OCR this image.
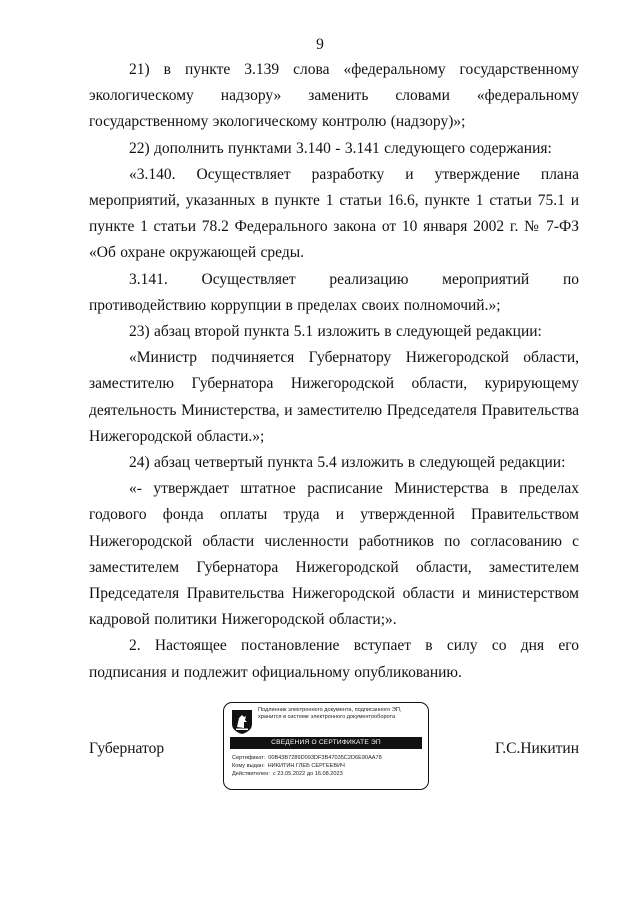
9

21) в пункте 3.139 слова «федеральному государственному экологическому надзору» заменить словами «федеральному государственному экологическому контролю (надзору)»;

22) дополнить пунктами 3.140 - 3.141 следующего содержания:

«3.140. Осуществляет разработку и утверждение плана мероприятий, указанных в пункте 1 статьи 16.6, пункте 1 статьи 75.1 и пункте 1 статьи 78.2 Федерального закона от 10 января 2002 г. № 7-ФЗ «Об охране окружающей среды.

3.141. Осуществляет реализацию мероприятий по противодействию коррупции в пределах своих полномочий.»;

23) абзац второй пункта 5.1 изложить в следующей редакции:

«Министр подчиняется Губернатору Нижегородской области, заместителю Губернатора Нижегородской области, курирующему деятельность Министерства, и заместителю Председателя Правительства Нижегородской области.»;

24) абзац четвертый пункта 5.4 изложить в следующей редакции:

«- утверждает штатное расписание Министерства в пределах годового фонда оплаты труда и утвержденной Правительством Нижегородской области численности работников по согласованию с заместителем Губернатора Нижегородской области, заместителем Председателя Правительства Нижегородской области и министерством кадровой политики Нижегородской области;».

2. Настоящее постановление вступает в силу со дня его подписания и подлежит официальному опубликованию.

Губернатор
Подлинник электронного документа, подписанного ЭП, хранится в системе электронного документооборота
СВЕДЕНИЯ О СЕРТИФИКАТЕ ЭП
Сертификат: 00B43B7289D093DF3B47035C2D6E90AA78
Кому выдан: НИКИТИН ГЛЕБ СЕРГЕЕВИЧ
Действителен: с 23.05.2022 до 16.08.2023
Г.С.Никитин
